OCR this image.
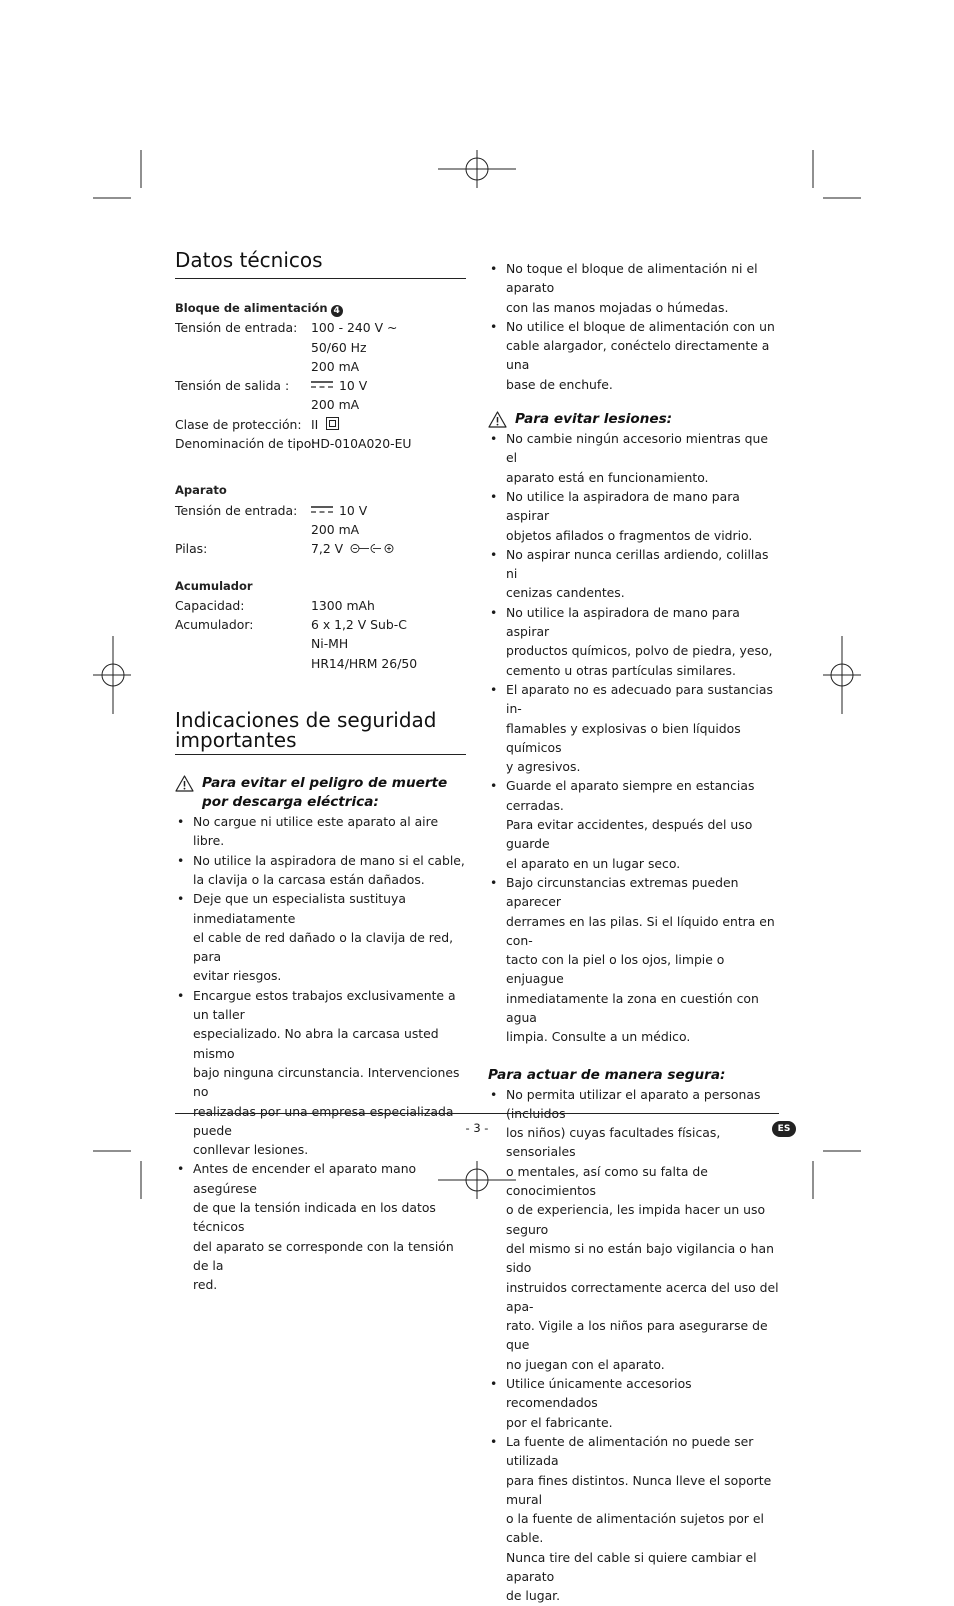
Datos técnicos

Bloque de alimentación 4

Tensión de entrada:	100 - 240 V ~
50/60 Hz
200 mA
Tensión de salida :	10 V
200 mA
Clase de protección: II
Denominación de tipo:
HD-010A020-EU

Aparato

Tensión de entrada:	10 V
200 mA
Pilas:	7,2 V

Acumulador

Capacidad:	1300 mAh
Acumulador:	6 x 1,2 V Sub-C
Ni-MH
HR14/HRM 26/50
Indicaciones de seguridad
importantes
Para evitar el peligro de muerte
por descarga eléctrica:
• No cargue ni utilice este aparato al aire libre.
• No utilice la aspiradora de mano si el cable,
la clavija o la carcasa están dañados.
• Deje que un especialista sustituya inmediatamente
el cable de red dañado o la clavija de red, para
evitar riesgos.
• Encargue estos trabajos exclusivamente a un taller
especializado. No abra la carcasa usted mismo
bajo ninguna circunstancia. Intervenciones no
realizadas por una empresa especializada puede
conllevar lesiones.
• Antes de encender el aparato mano asegúrese
de que la tensión indicada en los datos técnicos
del aparato se corresponde con la tensión de la
red.
• No toque el bloque de alimentación ni el aparato
con las manos mojadas o húmedas.
• No utilice el bloque de alimentación con un
cable alargador, conéctelo directamente a una
base de enchufe.
Para evitar lesiones:
• No cambie ningún accesorio mientras que el
aparato está en funcionamiento.
• No utilice la aspiradora de mano para aspirar
objetos afilados o fragmentos de vidrio.
• No aspirar nunca cerillas ardiendo, colillas ni
cenizas candentes.
• No utilice la aspiradora de mano para aspirar
productos químicos, polvo de piedra, yeso,
cemento u otras partículas similares.
• El aparato no es adecuado para sustancias in-
flamables y explosivas o bien líquidos químicos
y agresivos.
• Guarde el aparato siempre en estancias cerradas.
Para evitar accidentes, después del uso guarde
el aparato en un lugar seco.
• Bajo circunstancias extremas pueden aparecer
derrames en las pilas. Si el líquido entra en con-
tacto con la piel o los ojos, limpie o enjuague
inmediatamente la zona en cuestión con agua
limpia. Consulte a un médico.

Para actuar de manera segura:

• No permita utilizar el aparato a personas (incluidos
los niños) cuyas facultades físicas, sensoriales
o mentales, así como su falta de conocimientos
o de experiencia, les impida hacer un uso seguro
del mismo si no están bajo vigilancia o han sido
instruidos correctamente acerca del uso del apa-
rato. Vigile a los niños para asegurarse de que
no juegan con el aparato.
• Utilice únicamente accesorios recomendados
por el fabricante.
• La fuente de alimentación no puede ser utilizada
para fines distintos. Nunca lleve el soporte mural
o la fuente de alimentación sujetos por el cable.
Nunca tire del cable si quiere cambiar el aparato
de lugar.
- 3 -	ES
